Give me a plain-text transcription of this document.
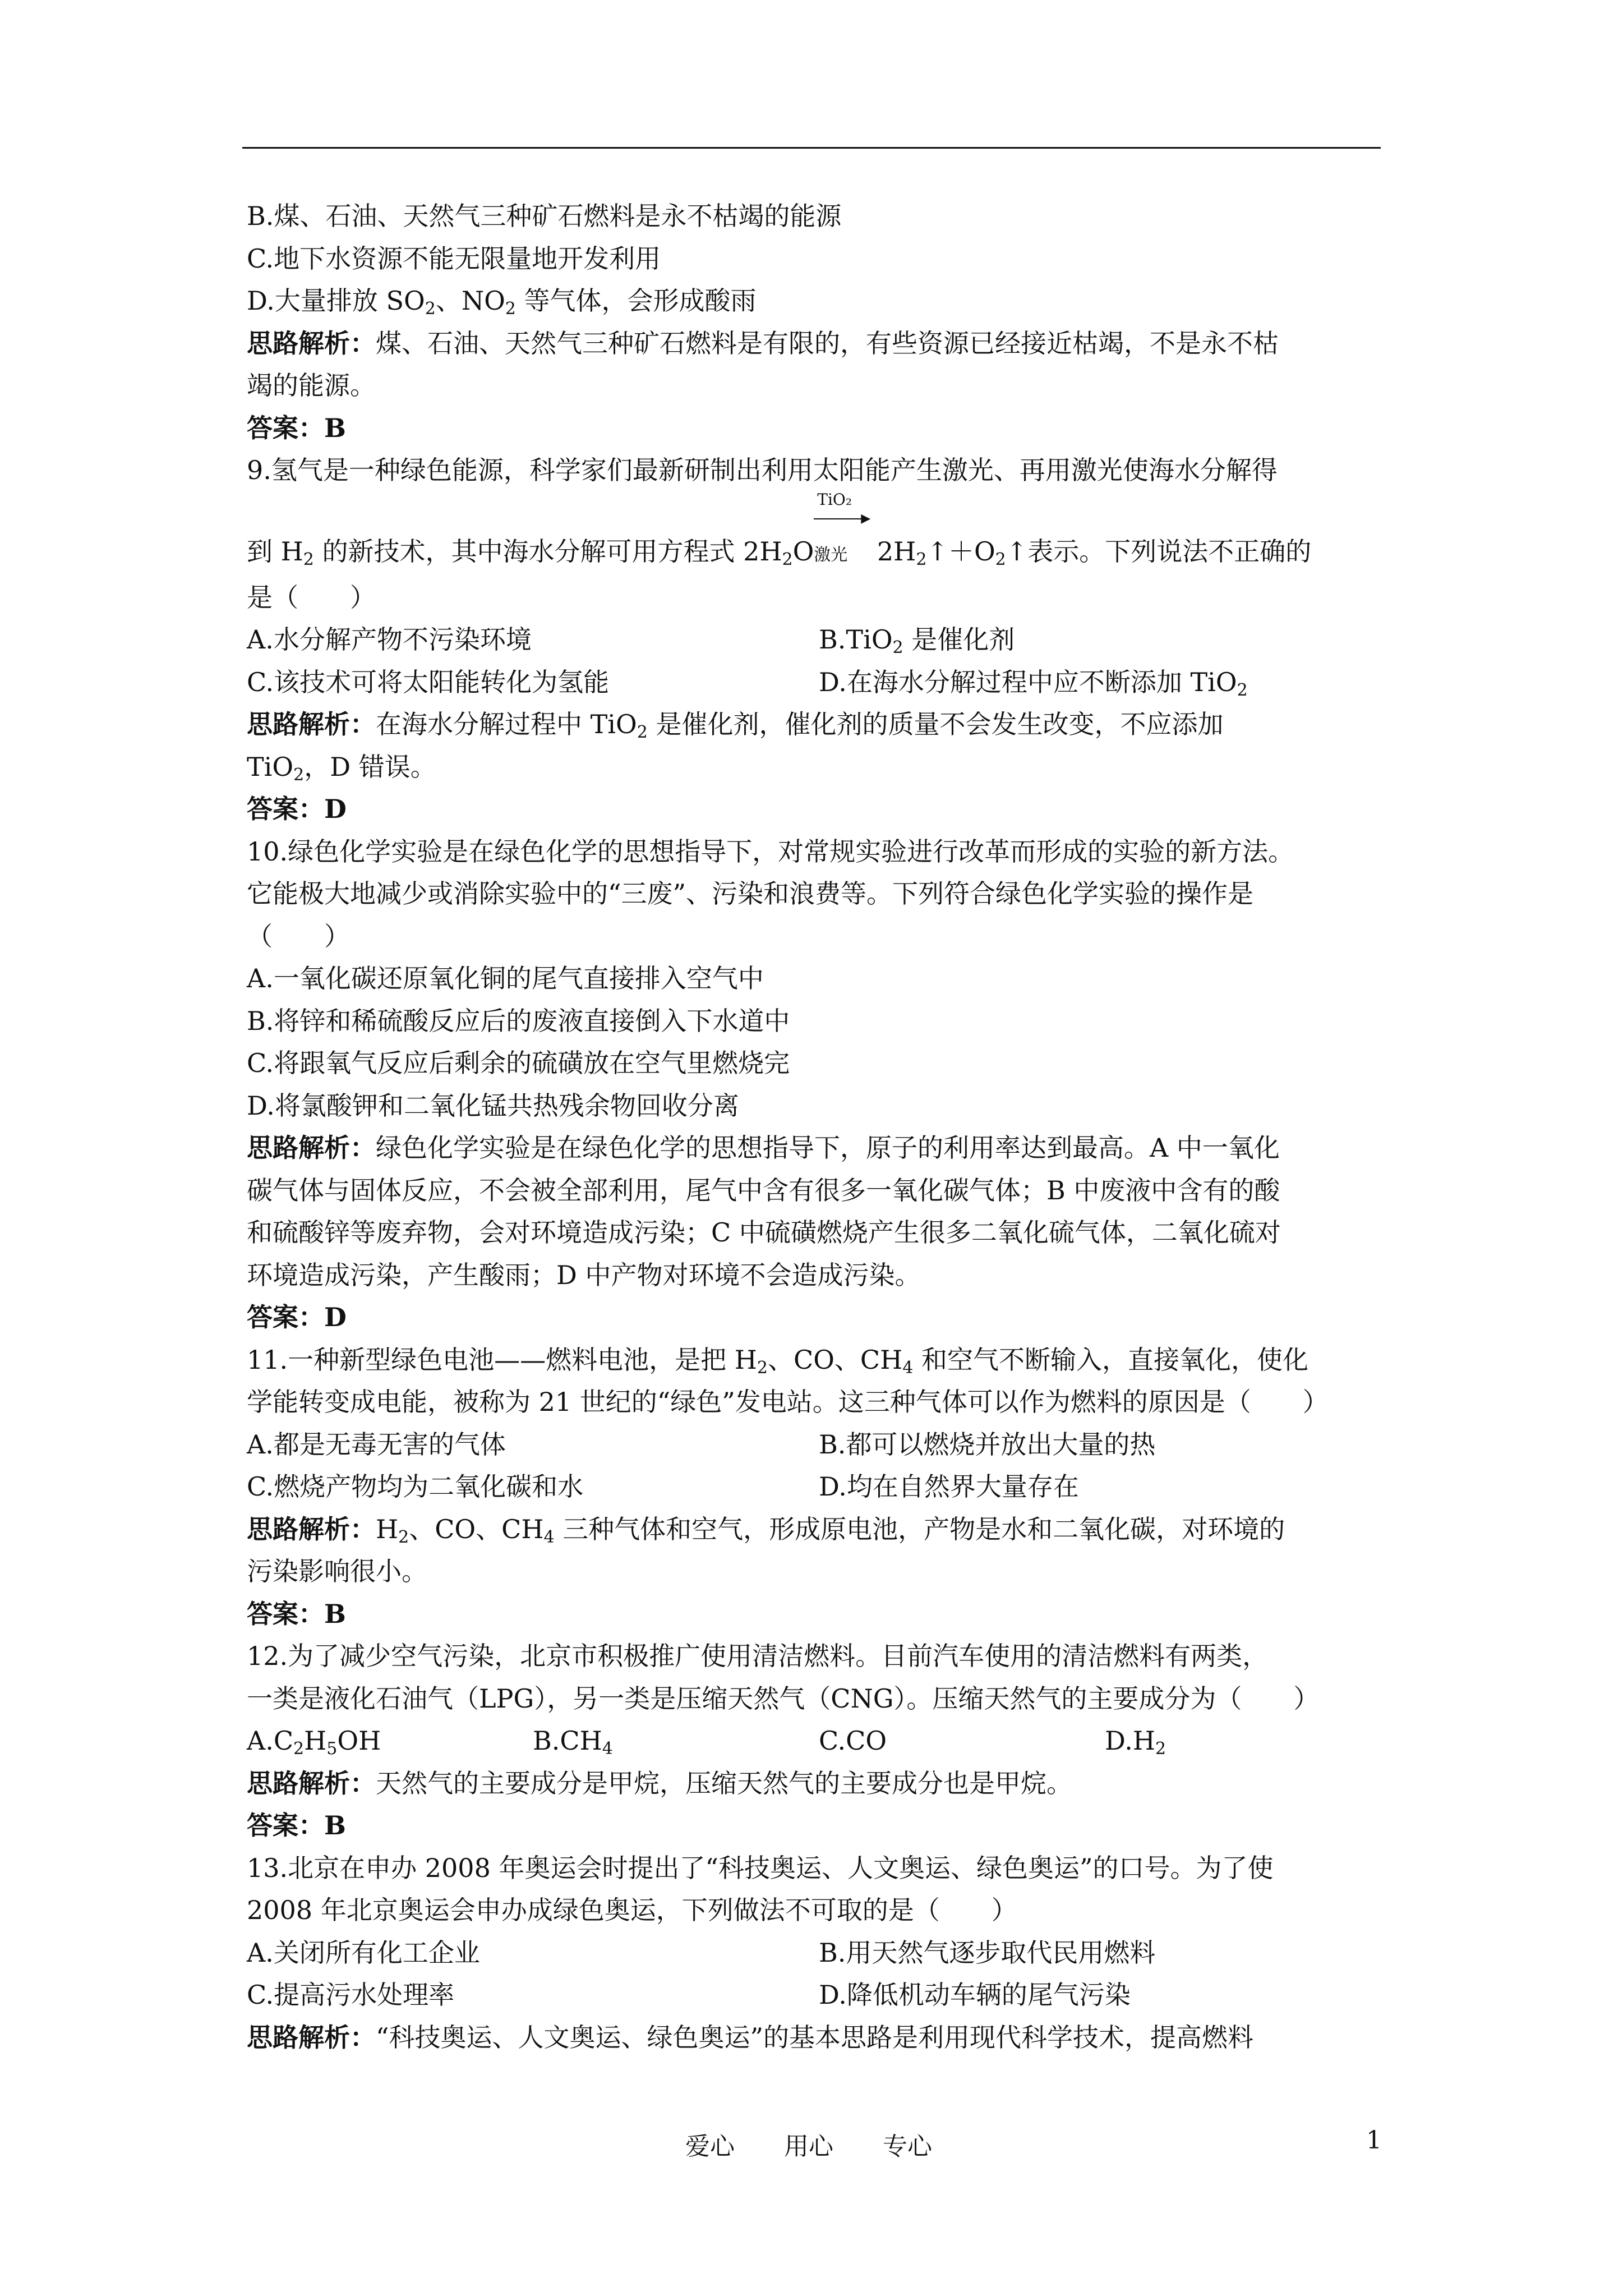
B.煤、石油、天然气三种矿石燃料是永不枯竭的能源
C.地下水资源不能无限量地开发利用
D.大量排放 $SO_2$、$NO_2$ 等气体，会形成酸雨
思路解析：煤、石油、天然气三种矿石燃料是有限的，有些资源已经接近枯竭，不是永不枯
竭的能源。
答案：B
9.氢气是一种绿色能源，科学家们最新研制出利用太阳能产生激光、再用激光使海水分解得
到 $H_2$ 的新技术，其中海水分解可用方程式 $2H_2O$
TiO₂
▶
激光 $2H_2↑+O_2↑$表示。下列说法不正确的
是（　　）
A.水分解产物不污染环境	B.TiO$_2$ 是催化剂
C.该技术可将太阳能转化为氢能	D.在海水分解过程中应不断添加 TiO$_2$
思路解析：在海水分解过程中 TiO$_2$ 是催化剂，催化剂的质量不会发生改变，不应添加
TiO$_2$，D 错误。
答案：D
10.绿色化学实验是在绿色化学的思想指导下，对常规实验进行改革而形成的实验的新方法。
它能极大地减少或消除实验中的“三废”、污染和浪费等。下列符合绿色化学实验的操作是
（　　）
A.一氧化碳还原氧化铜的尾气直接排入空气中
B.将锌和稀硫酸反应后的废液直接倒入下水道中
C.将跟氧气反应后剩余的硫磺放在空气里燃烧完
D.将氯酸钾和二氧化锰共热残余物回收分离
思路解析：绿色化学实验是在绿色化学的思想指导下，原子的利用率达到最高。A 中一氧化
碳气体与固体反应，不会被全部利用，尾气中含有很多一氧化碳气体；B 中废液中含有的酸
和硫酸锌等废弃物，会对环境造成污染；C 中硫磺燃烧产生很多二氧化硫气体，二氧化硫对
环境造成污染，产生酸雨；D 中产物对环境不会造成污染。
答案：D
11.一种新型绿色电池——燃料电池，是把 $H_2$、CO、$CH_4$ 和空气不断输入，直接氧化，使化
学能转变成电能，被称为 21 世纪的“绿色”发电站。这三种气体可以作为燃料的原因是（　　）
A.都是无毒无害的气体	B.都可以燃烧并放出大量的热
C.燃烧产物均为二氧化碳和水	D.均在自然界大量存在
思路解析：$H_2$、CO、$CH_4$ 三种气体和空气，形成原电池，产物是水和二氧化碳，对环境的
污染影响很小。
答案：B
12.为了减少空气污染，北京市积极推广使用清洁燃料。目前汽车使用的清洁燃料有两类，
一类是液化石油气（LPG），另一类是压缩天然气（CNG）。压缩天然气的主要成分为（　　）
$A.C_2H_5OH$	$B.CH_4$	C.CO	$D.H_2$
思路解析：天然气的主要成分是甲烷，压缩天然气的主要成分也是甲烷。
答案：B
13.北京在申办 2008 年奥运会时提出了“科技奥运、人文奥运、绿色奥运”的口号。为了使
2008 年北京奥运会申办成绿色奥运，下列做法不可取的是（　　）
A.关闭所有化工企业	B.用天然气逐步取代民用燃料
C.提高污水处理率	D.降低机动车辆的尾气污染
思路解析：“科技奥运、人文奥运、绿色奥运”的基本思路是利用现代科学技术，提高燃料
爱心　　用心　　专心	1
